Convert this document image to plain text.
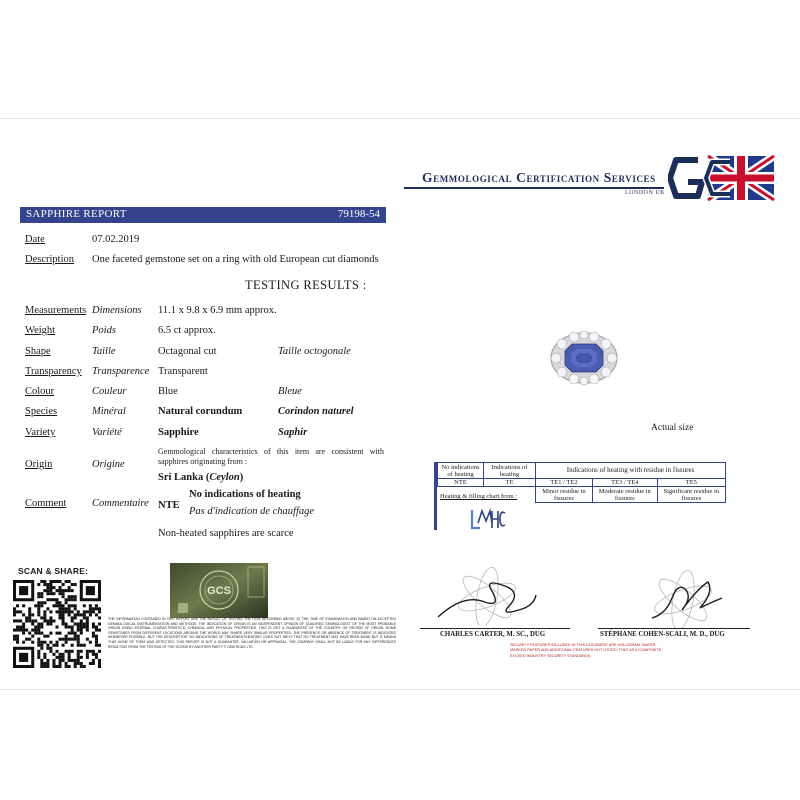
Gemmological Certification Services
LONDON UK
SAPPHIRE REPORT	79198-54
Date	07.02.2019
Description One faceted gemstone set on a ring with old European cut diamonds
TESTING RESULTS :
Measurements Dimensions 11.1 x 9.8 x 6.9 mm approx.
Weight	Poids	6.5 ct approx.
Shape	Taille	Octagonal cut	Taille octogonale
Transparency Transparence Transparent
Colour	Couleur	Blue	Bleue
Species	Minéral	Natural corundum	Corindon naturel
Variety	Variété	Sapphire	Saphir
Origin	Origine
Gemmological characteristics of this item are consistent with sapphires originating from :
Sri Lanka (Ceylon)
Comment Commentaire NTE
No indications of heating
Pas d'indication de chauffage
Non-heated sapphires are scarce
Actual size
No indications of heating	Indications of heating	Indications of heating with residue in fissures		
NTE	TE	TE1 / TE2	TE3 / TE4	TE5
		Minor residue in fissures	Moderate residue in fissures	Significant residue in fissures
Heating & filling chart from :
SCAN & SHARE:
GCS
THE INFORMATION CONTAINED IN THIS REPORT ARE THE RESULT OF TESTING THE ITEM DESCRIBED ABOVE, AT THE TIME OF EXAMINATION AND BASED ON ACCEPTED GEMMOLOGICAL INSTRUMENTATION AND METHODS. THE INDICATION OF ORIGIN IS AN INDEPENDENT OPINION OF QUALIFIED GEMMOLOGIST OF THE MOST PROBABLE ORIGIN USING INTERNAL CHARACTERISTICS, CHEMICAL AND PHYSICAL PROPERTIES. THIS IS NOT A GUARANTEE OF THE COUNTRY OR REGION OF ORIGIN. SOME GEMSTONES FROM DIFFERENT LOCATIONS AROUND THE WORLD MAY SHARE VERY SIMILAR PROPERTIES. THE PRESENCE OR ABSENCE OF TREATMENT IS INDICATED WHENEVER POSSIBLE, BUT THE DESCRIPTION "NO INDICATIONS OF TREATMENT/HEATING" DOES NOT IMPLY THAT NO TREATMENT MAY HAVE BEEN MADE BUT IT MEANS THAT NONE OF THEM WAS DETECTED. THIS REPORT IS NOT A GUARANTEE, VALUATION OR APPRAISAL. THE COMPANY SHALL NOT BE LIABLE FOR ANY DIFFERENCES RESULTING FROM THE TESTING OF THE GOODS BY ANOTHER PARTY © GEM ROAD LTD
CHARLES CARTER, M. SC., DUG	STÉPHANE COHEN-SCALI, M. D., DUG
SECURITY FEATURES INCLUDED IN THIS DOCUMENT ARE HOLOGRAM, WATER-MARKED PAPER AND ADDITIONAL FEATURES NOT LISTED, THAT AS A COMPOSITE, EXCEED INDUSTRY SECURITY STANDARDS.
